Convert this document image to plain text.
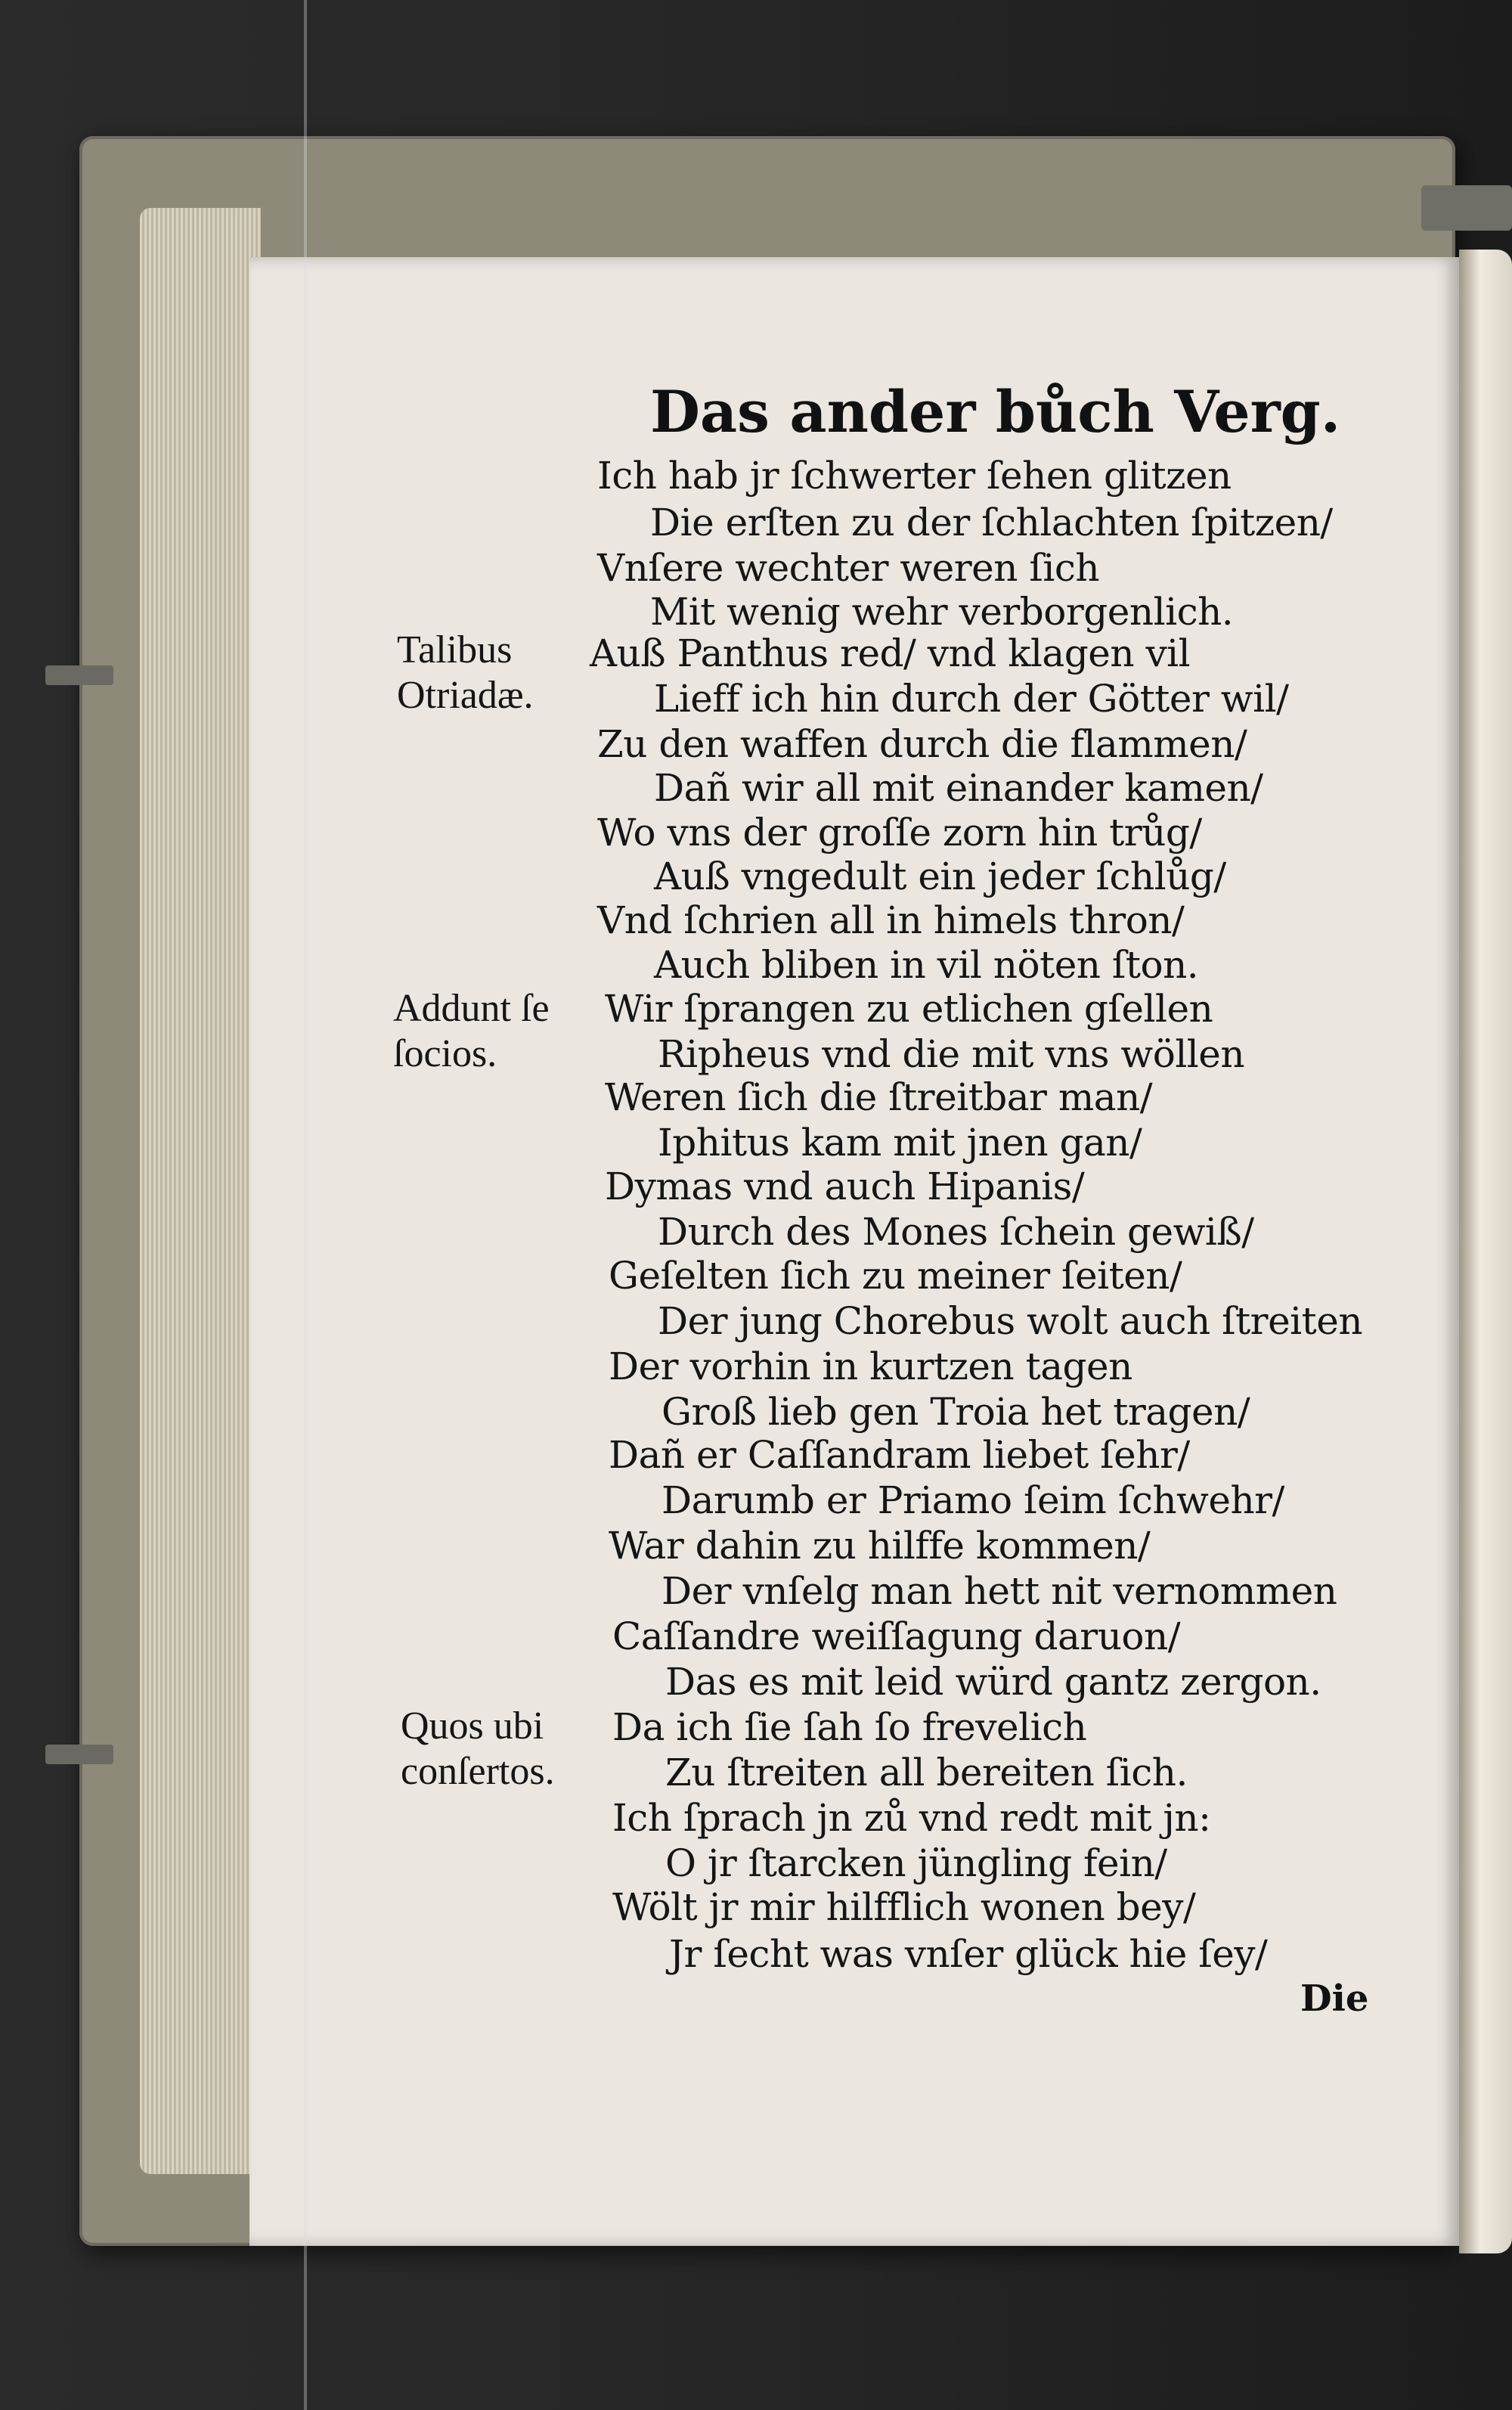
Das ander bůch Verg.
Talibus
Otriadæ.
Addunt ſe
ſocios.
Quos ubi
conſertos.
Ich hab jr ſchwerter ſehen glitzen
Die erſten zu der ſchlachten ſpitzen/
Vnſere wechter weren ſich
Mit wenig wehr verborgenlich.
Auß Panthus red/ vnd klagen vil
Lieff ich hin durch der Götter wil/
Zu den waffen durch die flammen/
Dañ wir all mit einander kamen/
Wo vns der groſſe zorn hin trůg/
Auß vngedult ein jeder ſchlůg/
Vnd ſchrien all in himels thron/
Auch bliben in vil nöten ſton.
Wir ſprangen zu etlichen gſellen
Ripheus vnd die mit vns wöllen
Weren ſich die ſtreitbar man/
Iphitus kam mit jnen gan/
Dymas vnd auch Hipanis/
Durch des Mones ſchein gewiß/
Geſelten ſich zu meiner ſeiten/
Der jung Chorebus wolt auch ſtreiten
Der vorhin in kurtzen tagen
Groß lieb gen Troia het tragen/
Dañ er Caſſandram liebet ſehr/
Darumb er Priamo ſeim ſchwehr/
War dahin zu hilffe kommen/
Der vnſelg man hett nit vernommen
Caſſandre weiſſagung daruon/
Das es mit leid würd gantz zergon.
Da ich ſie ſah ſo frevelich
Zu ſtreiten all bereiten ſich.
Ich ſprach jn zů vnd redt mit jn:
O jr ſtarcken jüngling fein/
Wölt jr mir hilfflich wonen bey/
Jr ſecht was vnſer glück hie ſey/
Die
